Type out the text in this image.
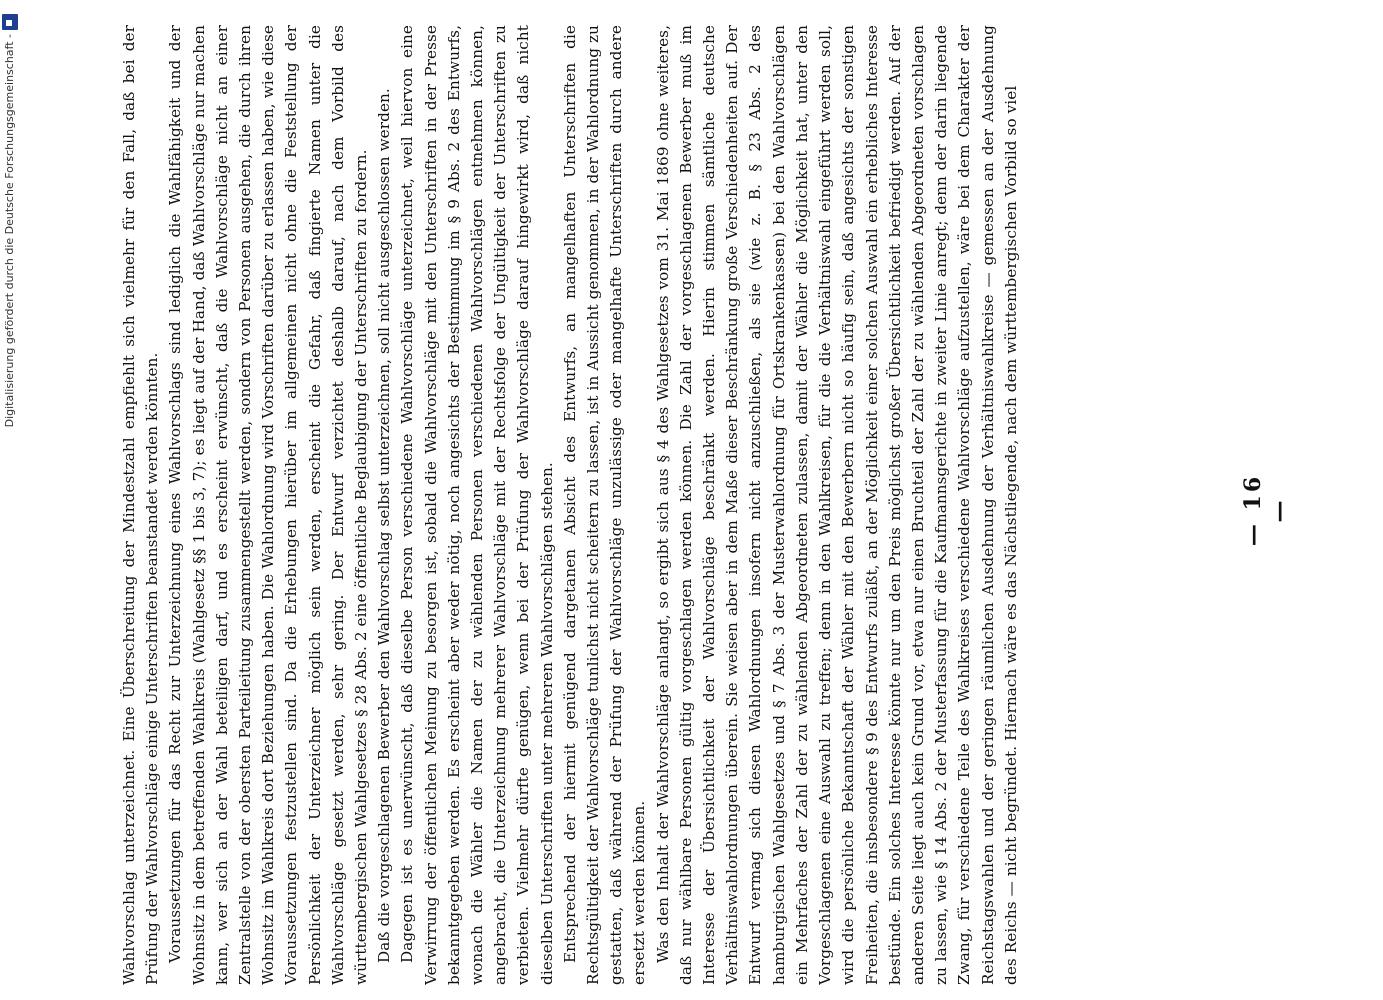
Digitalisierung gefördert durch die Deutsche Forschungsgemeinschaft -	Wahlvorschlag unterzeichnet. Eine Überschreitung der Mindestzahl empfiehlt sich vielmehr für den Fall, daß bei der Prüfung der Wahlvorschläge einige Unterschriften beanstandet werden könnten. Voraussetzungen für das Recht zur Unterzeichnung eines Wahlvorschlags sind lediglich die Wahlfähigkeit und der Wohnsitz in dem betreffenden Wahlkreis (Wahlgesetz §§ 1 bis 3, 7); es liegt auf der Hand, daß Wahlvorschläge nur machen kann, wer sich an der Wahl beteiligen darf, und es erscheint erwünscht, daß die Wahlvorschläge nicht an einer Zentralstelle von der obersten Parteileitung zusammengestellt werden, sondern von Personen ausgehen, die durch ihren Wohnsitz im Wahlkreis dort Beziehungen haben. Die Wahlordnung wird Vorschriften darüber zu erlassen haben, wie diese Voraussetzungen festzustellen sind. Da die Erhebungen hierüber im allgemeinen nicht ohne die Feststellung der Persönlichkeit der Unterzeichner möglich sein werden, erscheint die Gefahr, daß fingierte Namen unter die Wahlvorschläge gesetzt werden, sehr gering. Der Entwurf verzichtet deshalb darauf, nach dem Vorbild des württembergischen Wahlgesetzes § 28 Abs. 2 eine öffentliche Beglaubigung der Unterschriften zu fordern. Daß die vorgeschlagenen Bewerber den Wahlvorschlag selbst unterzeichnen, soll nicht ausgeschlossen werden. Dagegen ist es unerwünscht, daß dieselbe Person verschiedene Wahlvorschläge unterzeichnet, weil hiervon eine Verwirrung der öffentlichen Meinung zu besorgen ist, sobald die Wahlvorschläge mit den Unterschriften in der Presse bekanntgegeben werden. Es erscheint aber weder nötig, noch angesichts der Bestimmung im § 9 Abs. 2 des Entwurfs, wonach die Wähler die Namen der zu wählenden Personen verschiedenen Wahlvorschlägen entnehmen können, angebracht, die Unterzeichnung mehrerer Wahlvorschläge mit der Rechtsfolge der Ungültigkeit der Unterschriften zu verbieten. Vielmehr dürfte genügen, wenn bei der Prüfung der Wahlvorschläge darauf hingewirkt wird, daß nicht dieselben Unterschriften unter mehreren Wahlvorschlägen stehen. Entsprechend der hiermit genügend dargetanen Absicht des Entwurfs, an mangelhaften Unterschriften die Rechtsgültigkeit der Wahlvorschläge tunlichst nicht scheitern zu lassen, ist in Aussicht genommen, in der Wahlordnung zu gestatten, daß während der Prüfung der Wahlvorschläge unzulässige oder mangelhafte Unterschriften durch andere ersetzt werden können. Was den Inhalt der Wahlvorschläge anlangt, so ergibt sich aus § 4 des Wahlgesetzes vom 31. Mai 1869 ohne weiteres, daß nur wählbare Personen gültig vorgeschlagen werden können. Die Zahl der vorgeschlagenen Bewerber muß im Interesse der Übersichtlichkeit der Wahlvorschläge beschränkt werden. Hierin stimmen sämtliche deutsche Verhältniswahlordnungen überein. Sie weisen aber in dem Maße dieser Beschränkung große Verschiedenheiten auf. Der Entwurf vermag sich diesen Wahlordnungen insofern nicht anzuschließen, als sie (wie z. B. § 23 Abs. 2 des hamburgischen Wahlgesetzes und § 7 Abs. 3 der Musterwahlordnung für Ortskrankenkassen) bei den Wahlvorschlägen ein Mehrfaches der Zahl der zu wählenden Abgeordneten zulassen, damit der Wähler die Möglichkeit hat, unter den Vorgeschlagenen eine Auswahl zu treffen; denn in den Wahlkreisen, für die die Verhältniswahl eingeführt werden soll, wird die persönliche Bekanntschaft der Wähler mit den Bewerbern nicht so häufig sein, daß angesichts der sonstigen Freiheiten, die insbesondere § 9 des Entwurfs zuläßt, an der Möglichkeit einer solchen Auswahl ein erhebliches Interesse bestünde. Ein solches Interesse könnte nur um den Preis möglichst großer Übersichtlichkeit befriedigt werden. Auf der anderen Seite liegt auch kein Grund vor, etwa nur einen Bruchteil der Zahl der zu wählenden Abgeordneten vorschlagen zu lassen, wie § 14 Abs. 2 der Musterfassung für die Kaufmannsgerichte in zweiter Linie anregt; denn der darin liegende Zwang, für verschiedene Teile des Wahlkreises verschiedene Wahlvorschläge aufzustellen, wäre bei dem Charakter der Reichstagswahlen und der geringen räumlichen Ausdehnung der Verhältniswahlkreise — gemessen an der Ausdehnung des Reichs — nicht begründet. Hiernach wäre es das Nächstliegende, nach dem württembergischen Vorbild so viel	— 16 —
